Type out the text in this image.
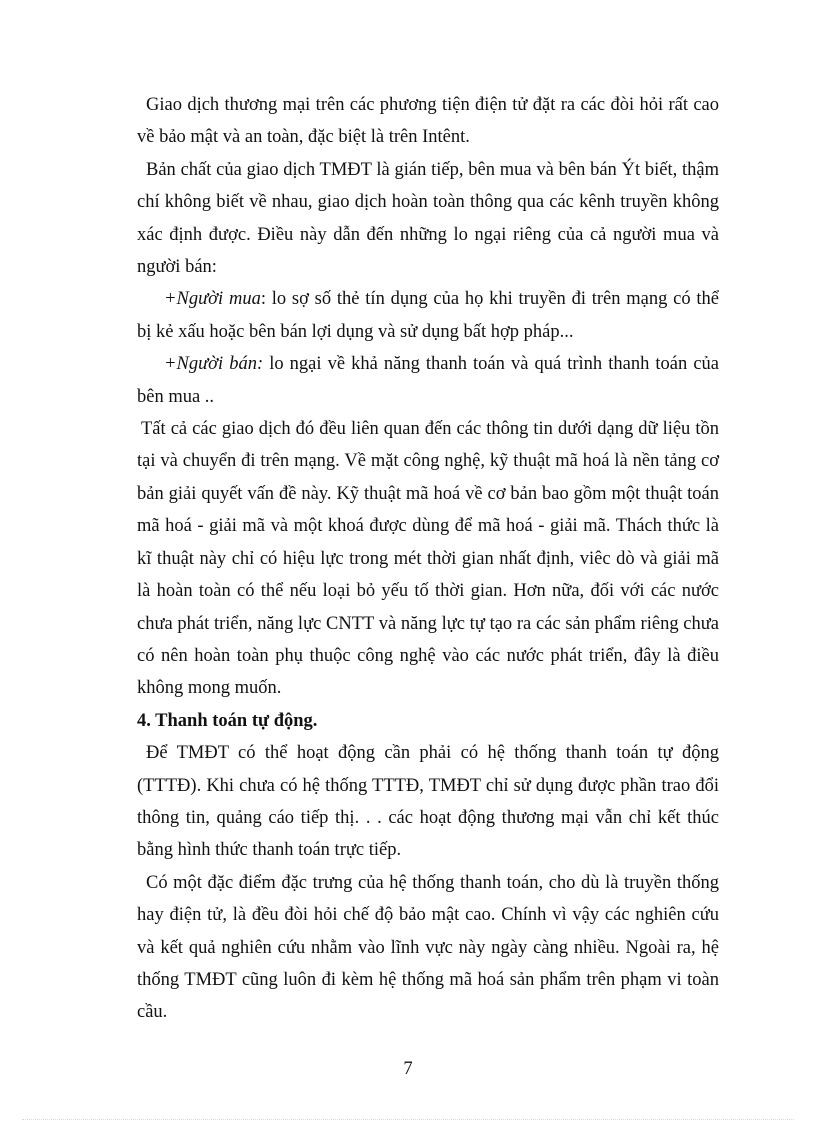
Giao dịch thương mại trên các phương tiện điện tử đặt ra các đòi hỏi rất cao về bảo mật và an toàn, đặc biệt là trên Intênt.

Bản chất của giao dịch TMĐT là gián tiếp, bên mua và bên bán Ýt biết, thậm chí không biết về nhau, giao dịch hoàn toàn thông qua các kênh truyền không xác định được. Điều này dẫn đến những lo ngại riêng của cả người mua và người bán:

+Người mua: lo sợ số thẻ tín dụng của họ khi truyền đi trên mạng có thể bị kẻ xấu hoặc bên bán lợi dụng và sử dụng bất hợp pháp...

+Người bán: lo ngại về khả năng thanh toán và quá trình thanh toán của bên mua ..

Tất cả các giao dịch đó đều liên quan đến các thông tin dưới dạng dữ liệu tồn tại và chuyển đi trên mạng. Về mặt công nghệ, kỹ thuật mã hoá là nền tảng cơ bản giải quyết vấn đề này. Kỹ thuật mã hoá về cơ bản bao gồm một thuật toán mã hoá - giải mã và một khoá được dùng để mã hoá - giải mã. Thách thức là kĩ thuật này chỉ có hiệu lực trong mét thời gian nhất định, viêc dò và giải mã là hoàn toàn có thể nếu loại bỏ yếu tố thời gian. Hơn nữa, đối với các nước chưa phát triển, năng lực CNTT và năng lực tự tạo ra các sản phẩm riêng chưa có nên hoàn toàn phụ thuộc công nghệ vào các nước phát triển, đây là điều không mong muốn.

4. Thanh toán tự động.

Để TMĐT có thể hoạt động cần phải có hệ thống thanh toán tự động (TTTĐ). Khi chưa có hệ thống TTTĐ, TMĐT chỉ sử dụng được phần trao đổi thông tin, quảng cáo tiếp thị. . . các hoạt động thương mại vẫn chỉ kết thúc bằng hình thức thanh toán trực tiếp.

Có một đặc điểm đặc trưng của hệ thống thanh toán, cho dù là truyền thống hay điện tử, là đều đòi hỏi chế độ bảo mật cao. Chính vì vậy các nghiên cứu và kết quả nghiên cứu nhằm vào lĩnh vực này ngày càng nhiều. Ngoài ra, hệ thống TMĐT cũng luôn đi kèm hệ thống mã hoá sản phẩm trên phạm vi toàn cầu.

7
